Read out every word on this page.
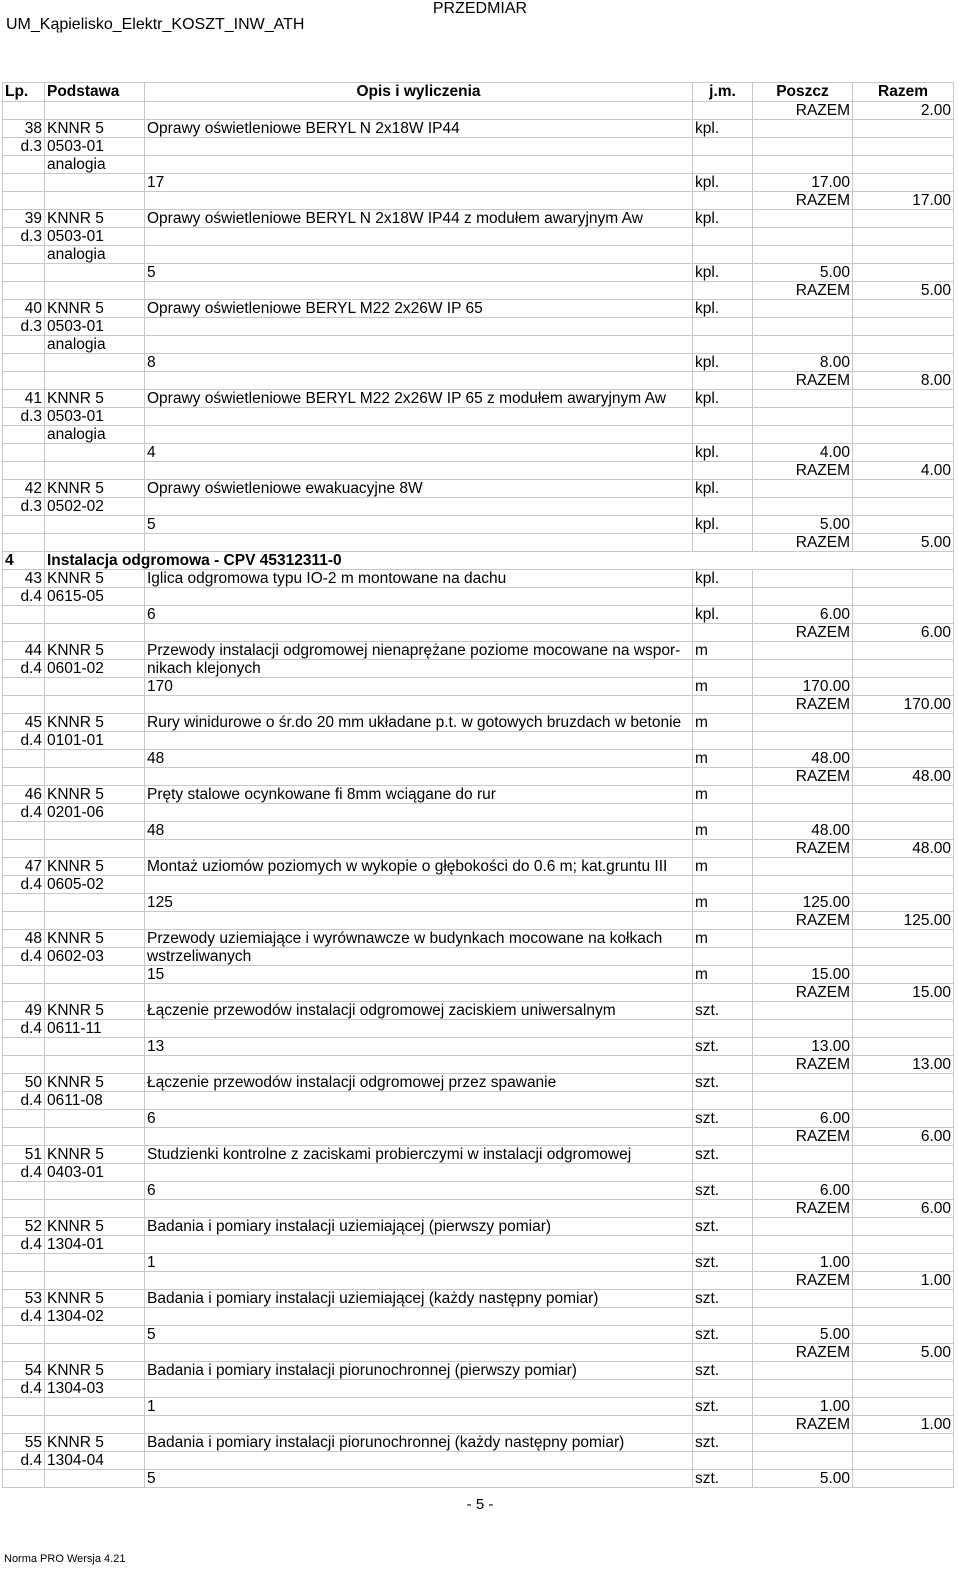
UM_Kąpielisko_Elektr_KOSZT_INW_ATH
PRZEDMIAR
Lp.	Podstawa	Opis i wyliczenia	j.m.	Poszcz	Razem
				RAZEM	2.00
38	KNNR 5	Oprawy oświetleniowe BERYL N 2x18W IP44	kpl.		
d.3	0503-01				
	analogia				
		17	kpl.	17.00	
				RAZEM	17.00
39	KNNR 5	Oprawy oświetleniowe BERYL N 2x18W IP44 z modułem awaryjnym Aw	kpl.		
d.3	0503-01				
	analogia				
		5	kpl.	5.00	
				RAZEM	5.00
40	KNNR 5	Oprawy oświetleniowe BERYL M22 2x26W IP 65	kpl.		
d.3	0503-01				
	analogia				
		8	kpl.	8.00	
				RAZEM	8.00
41	KNNR 5	Oprawy oświetleniowe BERYL M22 2x26W IP 65 z modułem awaryjnym Aw	kpl.		
d.3	0503-01				
	analogia				
		4	kpl.	4.00	
				RAZEM	4.00
42	KNNR 5	Oprawy oświetleniowe ewakuacyjne 8W	kpl.		
d.3	0502-02				
		5	kpl.	5.00	
				RAZEM	5.00
4	Instalacja odgromowa - CPV 45312311-0				
43	KNNR 5	Iglica odgromowa typu IO-2 m montowane na dachu	kpl.		
d.4	0615-05				
		6	kpl.	6.00	
				RAZEM	6.00
44	KNNR 5	Przewody instalacji odgromowej nienaprężane poziome mocowane na wspor-	m		
d.4	0601-02	nikach klejonych			
		170	m	170.00	
				RAZEM	170.00
45	KNNR 5	Rury winidurowe o śr.do 20 mm układane p.t. w gotowych bruzdach w betonie	m		
d.4	0101-01				
		48	m	48.00	
				RAZEM	48.00
46	KNNR 5	Pręty stalowe ocynkowane fi 8mm wciągane do rur	m		
d.4	0201-06				
		48	m	48.00	
				RAZEM	48.00
47	KNNR 5	Montaż uziomów poziomych w wykopie o głębokości do 0.6 m; kat.gruntu III	m		
d.4	0605-02				
		125	m	125.00	
				RAZEM	125.00
48	KNNR 5	Przewody uziemiające i wyrównawcze w budynkach mocowane na kołkach	m		
d.4	0602-03	wstrzeliwanych			
		15	m	15.00	
				RAZEM	15.00
49	KNNR 5	Łączenie przewodów instalacji odgromowej zaciskiem uniwersalnym	szt.		
d.4	0611-11				
		13	szt.	13.00	
				RAZEM	13.00
50	KNNR 5	Łączenie przewodów instalacji odgromowej przez spawanie	szt.		
d.4	0611-08				
		6	szt.	6.00	
				RAZEM	6.00
51	KNNR 5	Studzienki kontrolne z zaciskami probierczymi w instalacji odgromowej	szt.		
d.4	0403-01				
		6	szt.	6.00	
				RAZEM	6.00
52	KNNR 5	Badania i pomiary instalacji uziemiającej (pierwszy pomiar)	szt.		
d.4	1304-01				
		1	szt.	1.00	
				RAZEM	1.00
53	KNNR 5	Badania i pomiary instalacji uziemiającej (każdy następny pomiar)	szt.		
d.4	1304-02				
		5	szt.	5.00	
				RAZEM	5.00
54	KNNR 5	Badania i pomiary instalacji piorunochronnej (pierwszy pomiar)	szt.		
d.4	1304-03				
		1	szt.	1.00	
				RAZEM	1.00
55	KNNR 5	Badania i pomiary instalacji piorunochronnej (każdy następny pomiar)	szt.		
d.4	1304-04				
		5	szt.	5.00	
- 5 -
Norma PRO Wersja 4.21
